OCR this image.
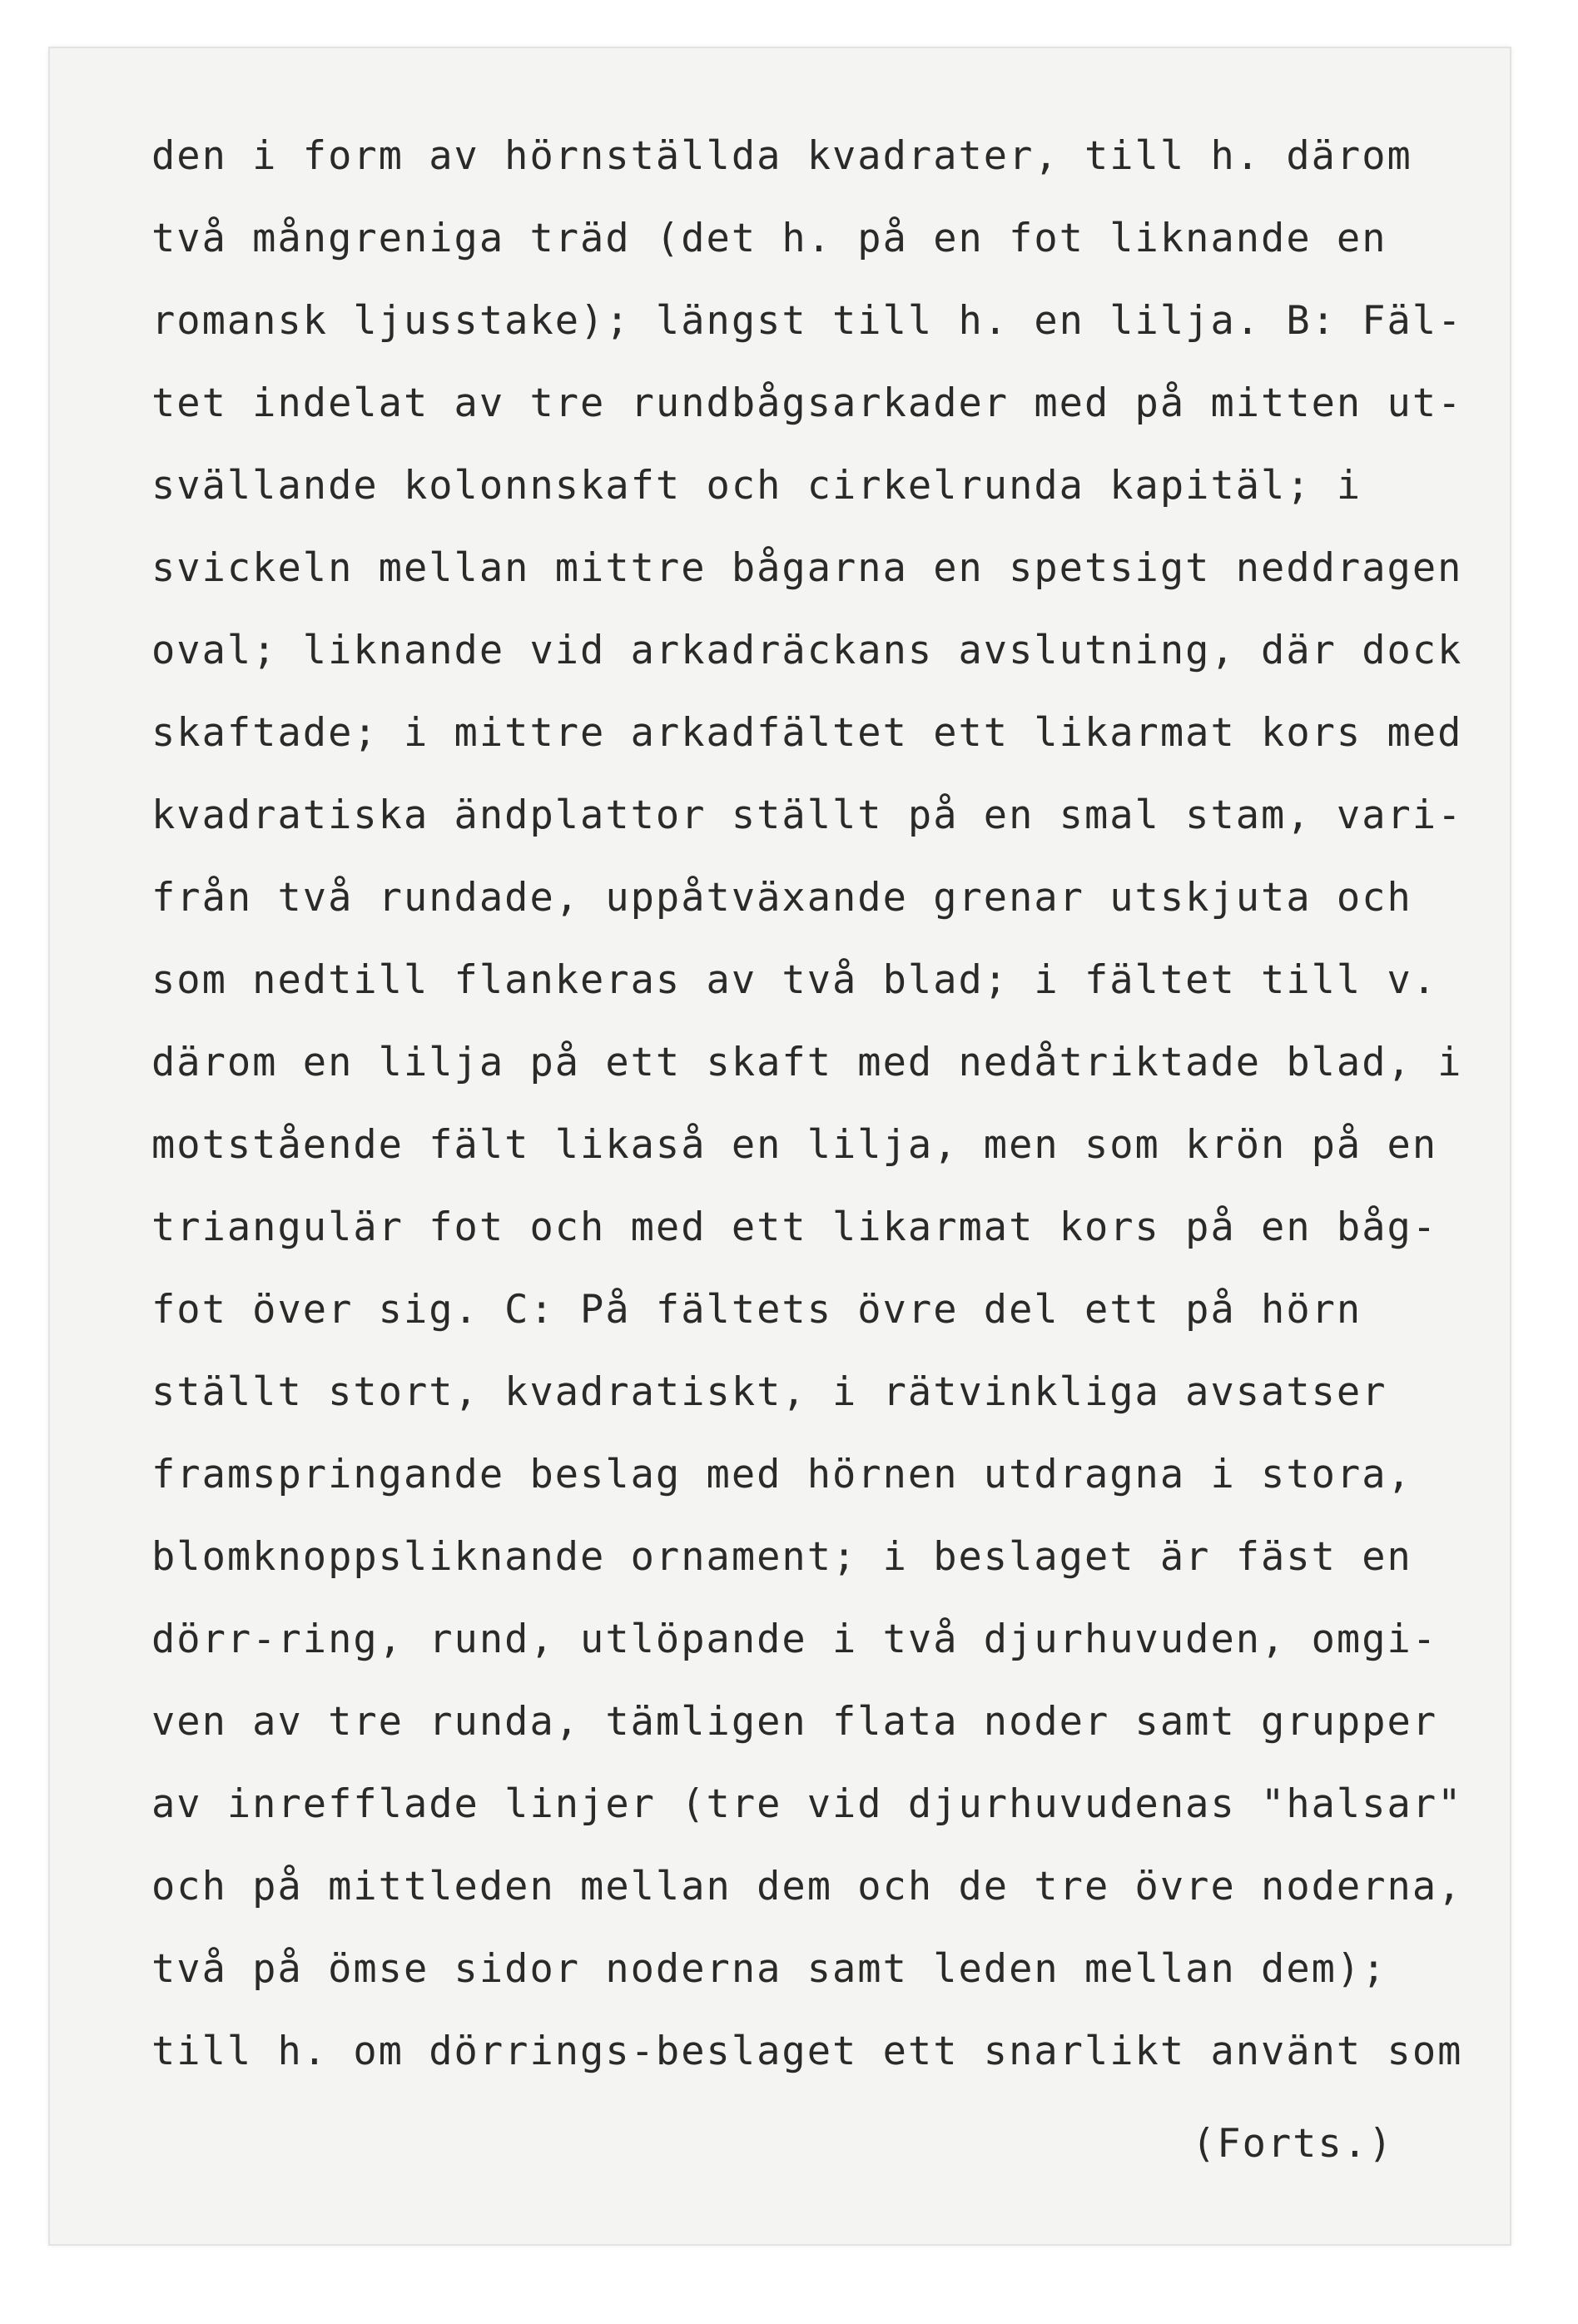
den i form av hörnställda kvadrater, till h. därom
två mångreniga träd (det h. på en fot liknande en
romansk ljusstake); längst till h. en lilja. B: Fäl-
tet indelat av tre rundbågsarkader med på mitten ut-
svällande kolonnskaft och cirkelrunda kapitäl; i
svickeln mellan mittre bågarna en spetsigt neddragen
oval; liknande vid arkadräckans avslutning, där dock
skaftade; i mittre arkadfältet ett likarmat kors med
kvadratiska ändplattor ställt på en smal stam, vari-
från två rundade, uppåtväxande grenar utskjuta och
som nedtill flankeras av två blad; i fältet till v.
därom en lilja på ett skaft med nedåtriktade blad, i
motstående fält likaså en lilja, men som krön på en
triangulär fot och med ett likarmat kors på en båg-
fot över sig. C: På fältets övre del ett på hörn
ställt stort, kvadratiskt, i rätvinkliga avsatser
framspringande beslag med hörnen utdragna i stora,
blomknoppsliknande ornament; i beslaget är fäst en
dörr-ring, rund, utlöpande i två djurhuvuden, omgi-
ven av tre runda, tämligen flata noder samt grupper
av inrefflade linjer (tre vid djurhuvudenas "halsar"
och på mittleden mellan dem och de tre övre noderna,
två på ömse sidor noderna samt leden mellan dem);
till h. om dörrings-beslaget ett snarlikt använt som
(Forts.)
